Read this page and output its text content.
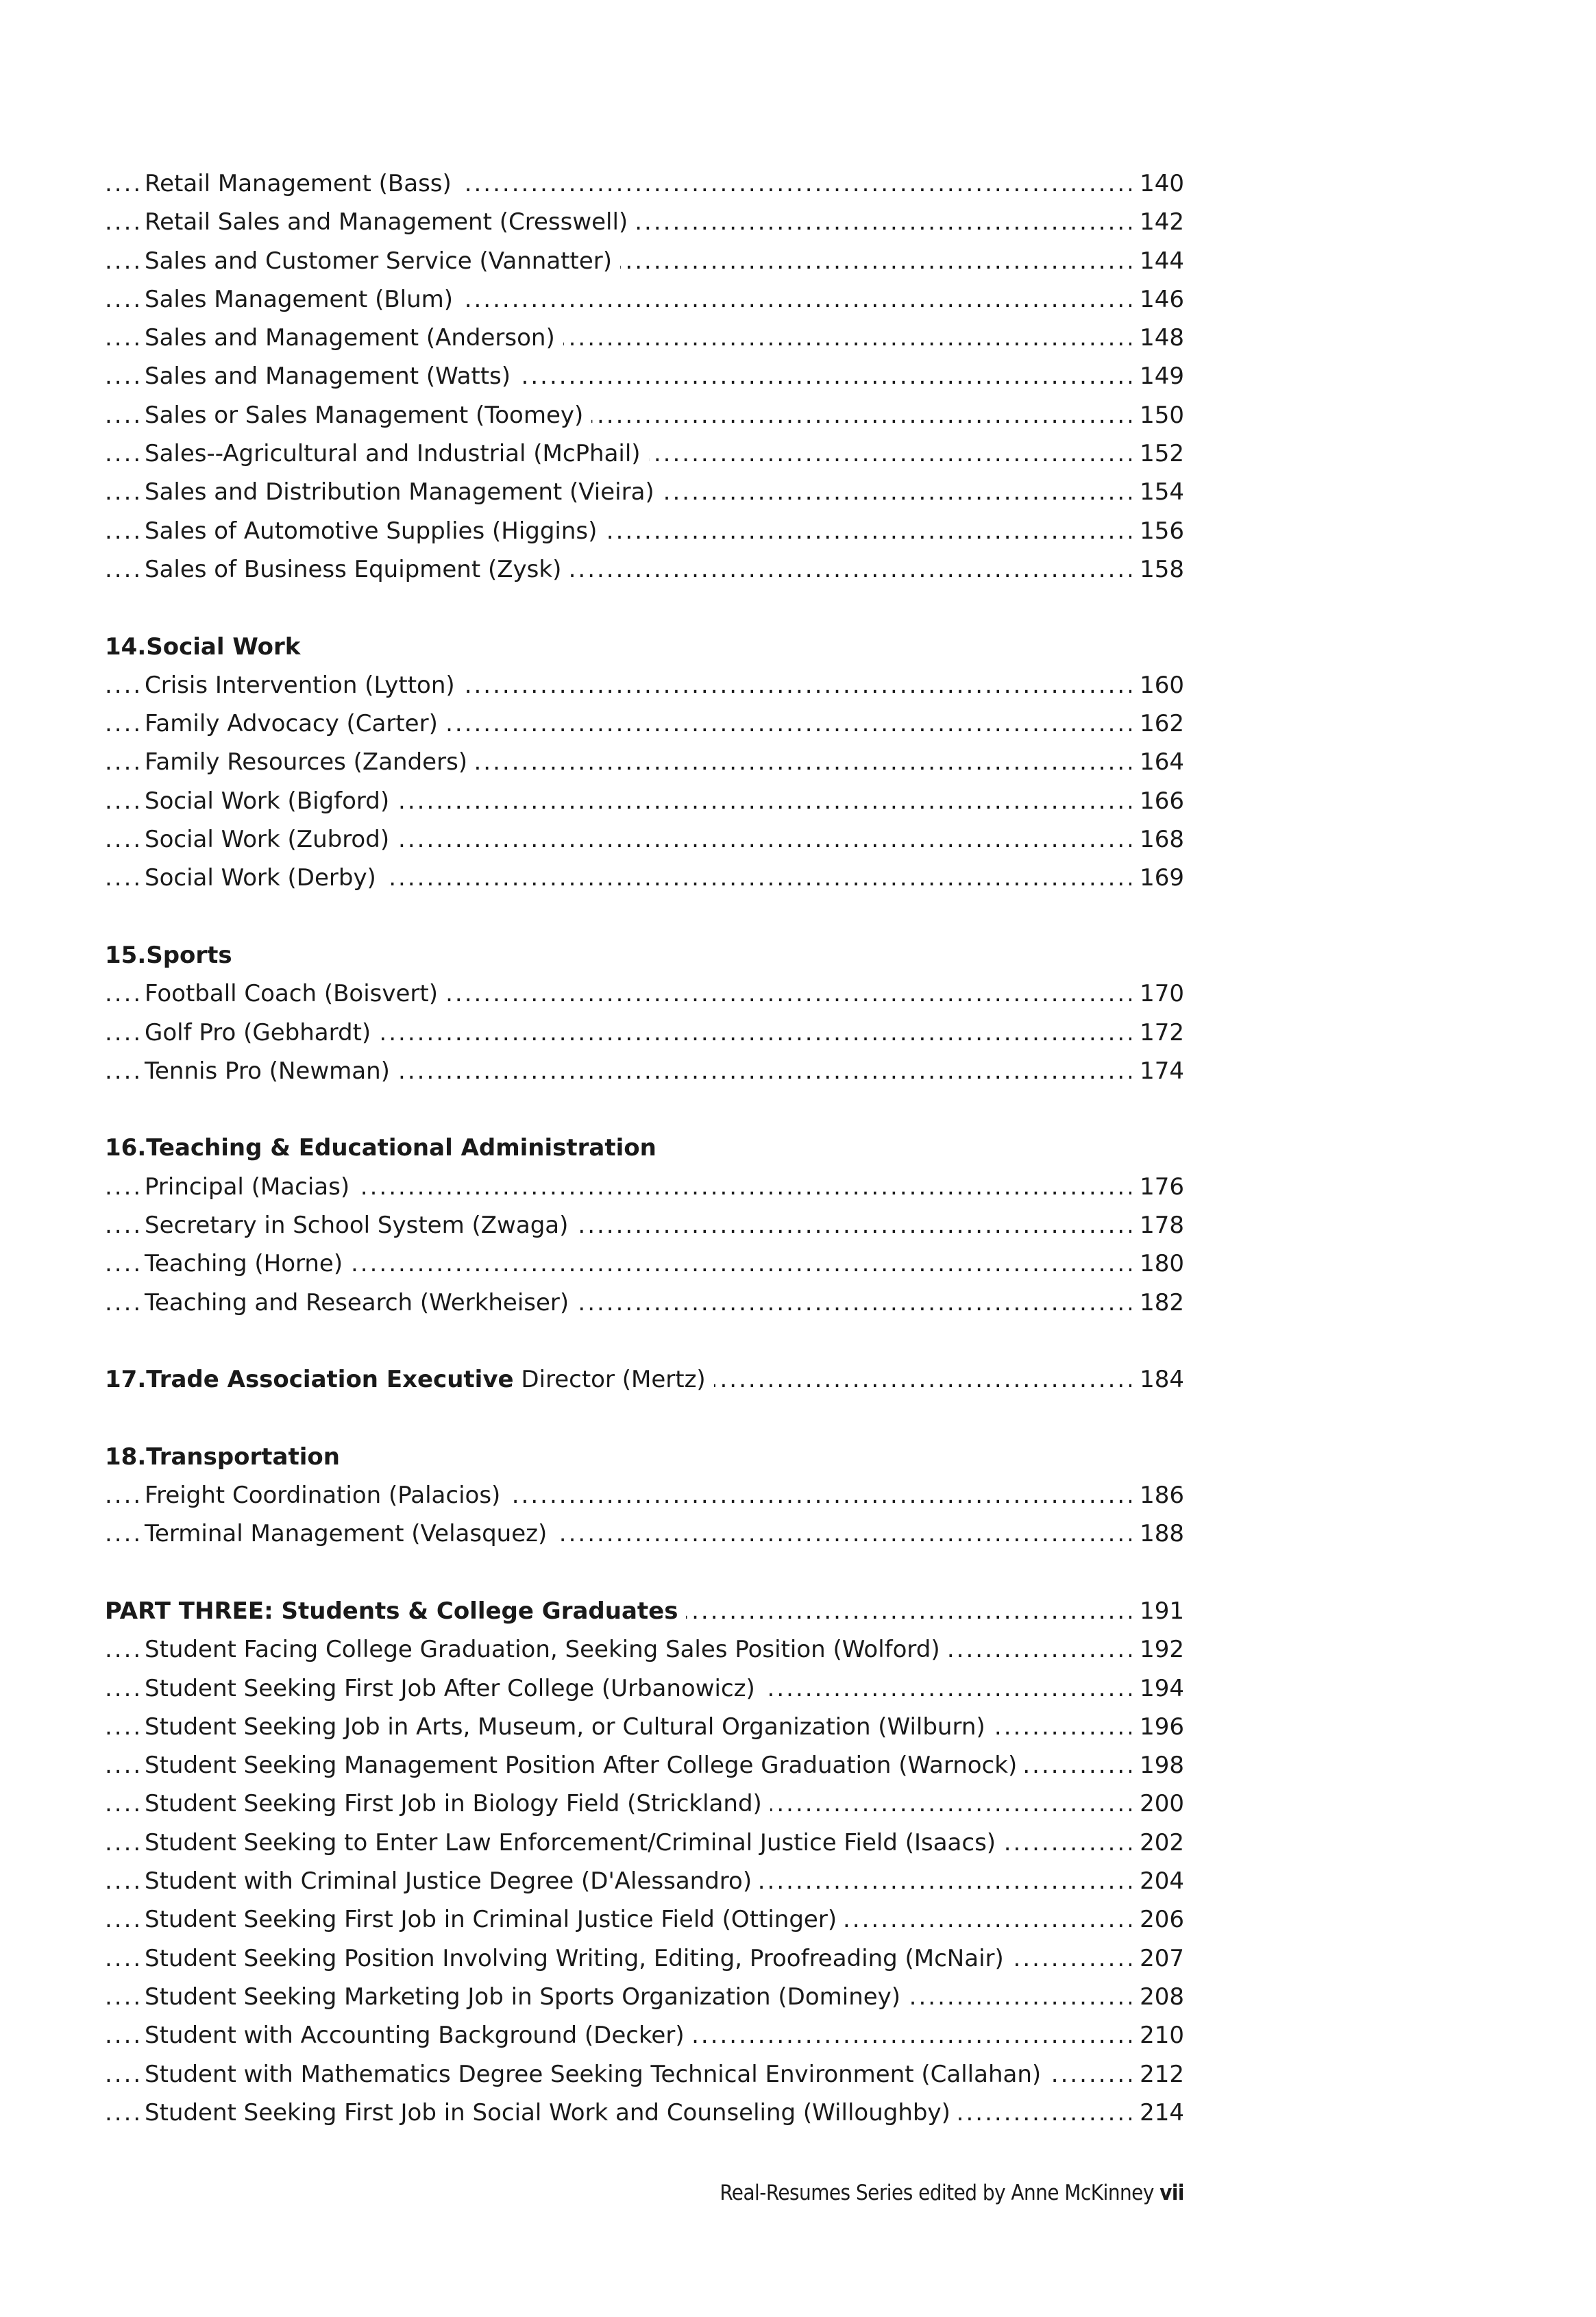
.....
Retail Management (Bass)	140
.....
Retail Sales and Management (Cresswell)	142
.....
Sales and Customer Service (Vannatter)	144
.....
Sales Management (Blum)	146
.....
Sales and Management (Anderson)	148
.....
Sales and Management (Watts)	149
.....
Sales or Sales Management (Toomey)	150
.....
Sales--Agricultural and Industrial (McPhail)	152
.....
Sales and Distribution Management (Vieira)	154
.....
Sales of Automotive Supplies (Higgins)	156
.....
Sales of Business Equipment (Zysk)	158
14.Social Work
.....
Crisis Intervention (Lytton)	160
.....
Family Advocacy (Carter)	162
.....
Family Resources (Zanders)	164
.....
Social Work (Bigford)	166
.....
Social Work (Zubrod)	168
.....
Social Work (Derby)	169
15.Sports
.....
Football Coach (Boisvert)	170
.....
Golf Pro (Gebhardt)	172
.....
Tennis Pro (Newman)	174
16.Teaching & Educational Administration
.....
Principal (Macias)	176
.....
Secretary in School System (Zwaga)	178
.....
Teaching (Horne)	180
.....
Teaching and Research (Werkheiser)	182
.....
17.Trade Association Executive Director (Mertz)	184
18.Transportation
.....
Freight Coordination (Palacios)	186
.....
Terminal Management (Velasquez)	188
.....
PART THREE: Students & College Graduates	191
.....
Student Facing College Graduation, Seeking Sales Position (Wolford)	192
.....
Student Seeking First Job After College (Urbanowicz)	194
.....
Student Seeking Job in Arts, Museum, or Cultural Organization (Wilburn)	196
.....
Student Seeking Management Position After College Graduation (Warnock)	198
.....
Student Seeking First Job in Biology Field (Strickland)	200
.....
Student Seeking to Enter Law Enforcement/Criminal Justice Field (Isaacs)	202
.....
Student with Criminal Justice Degree (D'Alessandro)	204
.....
Student Seeking First Job in Criminal Justice Field (Ottinger)	206
.....
Student Seeking Position Involving Writing, Editing, Proofreading (McNair)	207
.....
Student Seeking Marketing Job in Sports Organization (Dominey)	208
.....
Student with Accounting Background (Decker)	210
.....
Student with Mathematics Degree Seeking Technical Environment (Callahan)	212
.....
Student Seeking First Job in Social Work and Counseling (Willoughby)	214
Real-Resumes Series edited by Anne McKinney vii
